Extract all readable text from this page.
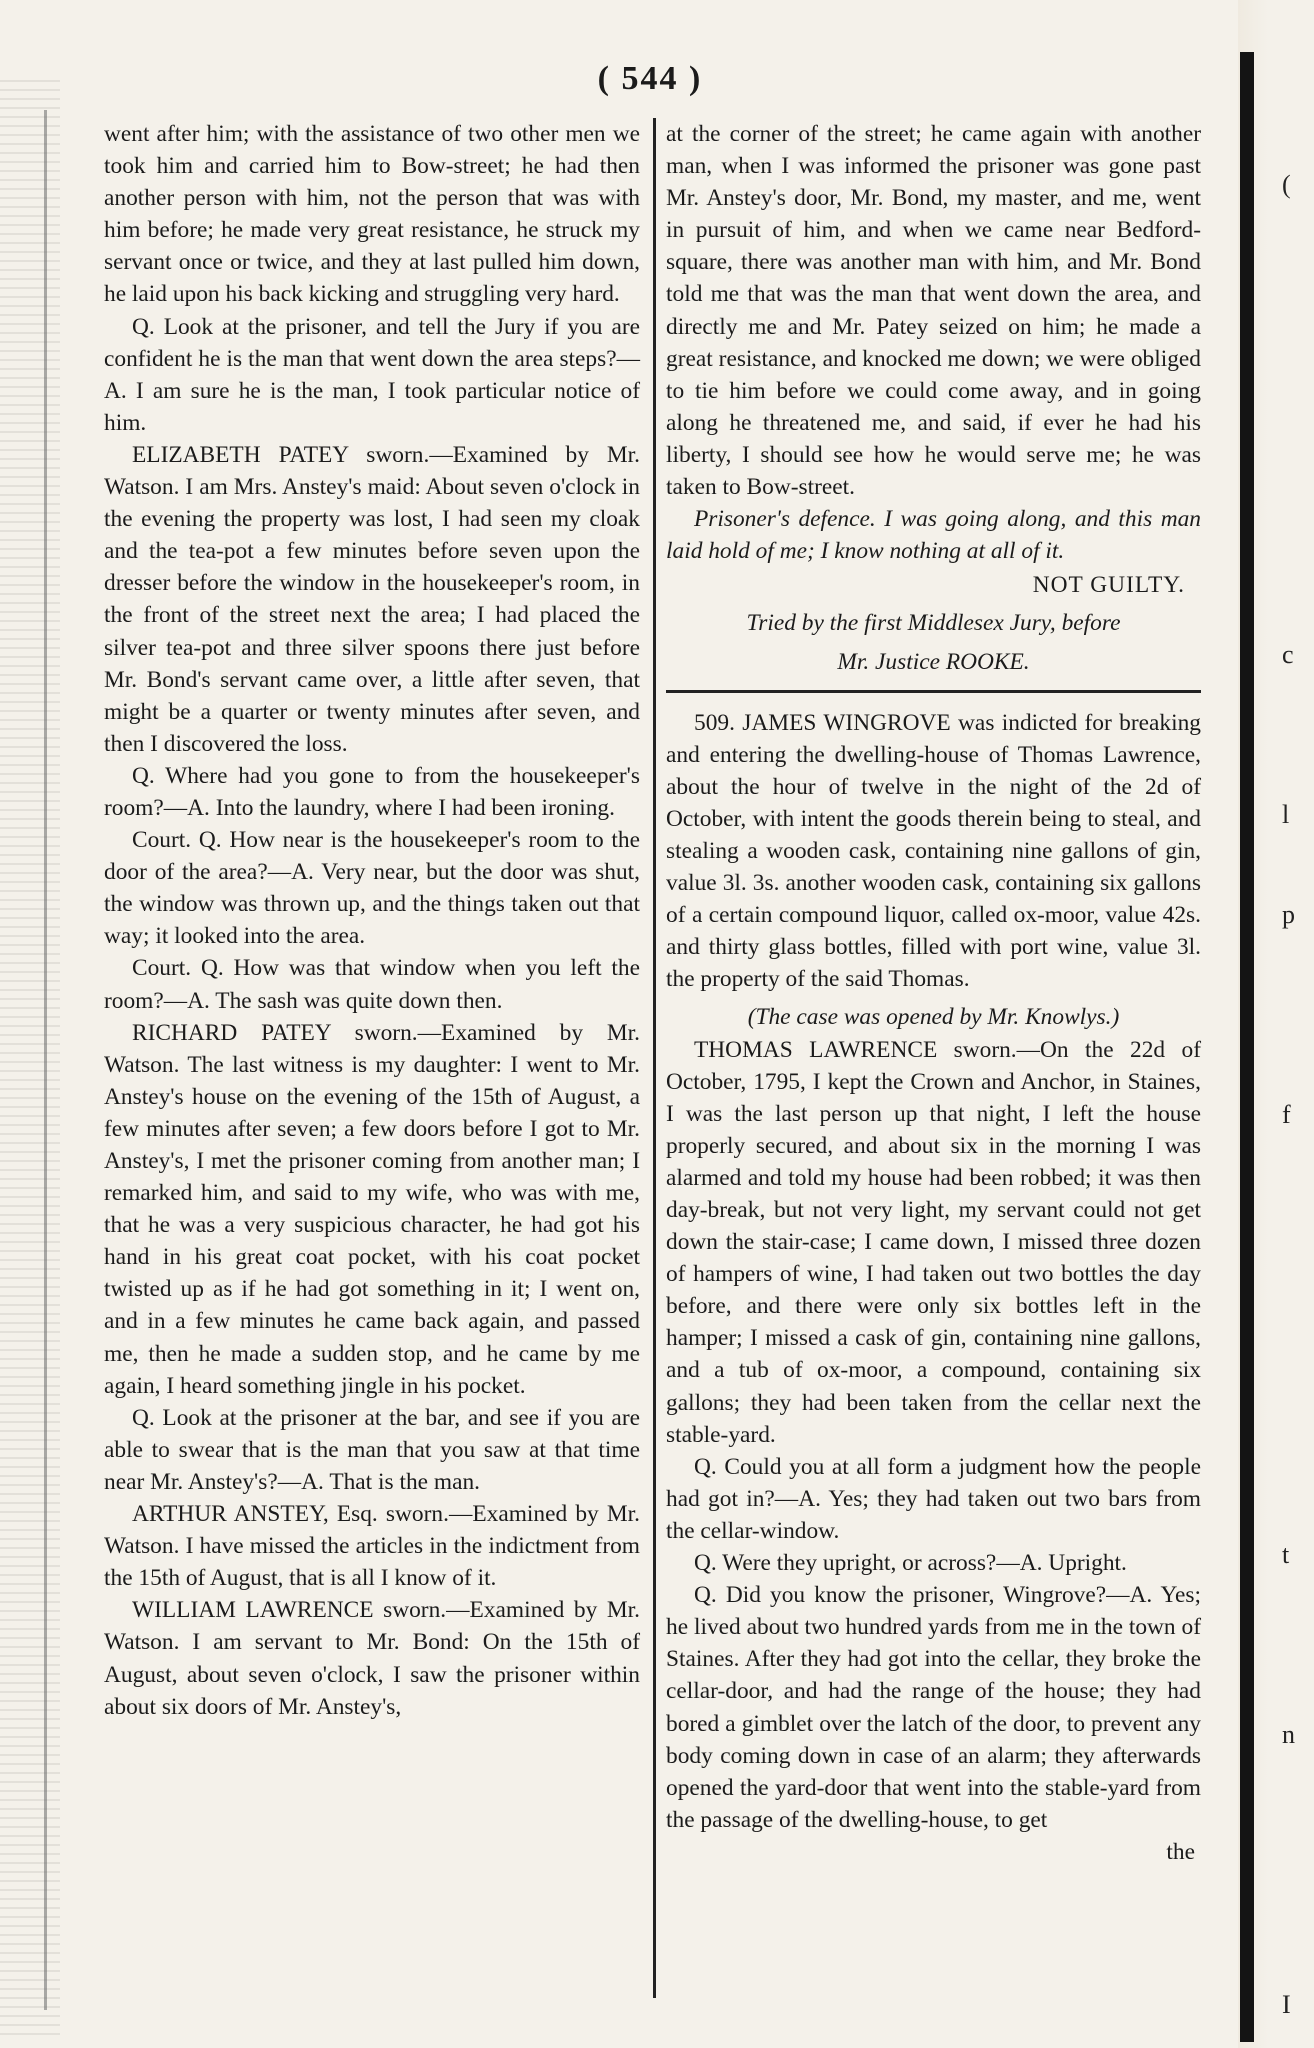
( 544 )

went after him; with the assistance of two other men we took him and carried him to Bow-street; he had then another person with him, not the person that was with him before; he made very great resistance, he struck my servant once or twice, and they at last pulled him down, he laid upon his back kicking and struggling very hard.

Q. Look at the prisoner, and tell the Jury if you are confident he is the man that went down the area steps?—A. I am sure he is the man, I took particular notice of him.

ELIZABETH PATEY sworn.—Examined by Mr. Watson. I am Mrs. Anstey's maid: About seven o'clock in the evening the property was lost, I had seen my cloak and the tea-pot a few minutes before seven upon the dresser before the window in the housekeeper's room, in the front of the street next the area; I had placed the silver tea-pot and three silver spoons there just before Mr. Bond's servant came over, a little after seven, that might be a quarter or twenty minutes after seven, and then I discovered the loss.

Q. Where had you gone to from the housekeeper's room?—A. Into the laundry, where I had been ironing.

Court. Q. How near is the housekeeper's room to the door of the area?—A. Very near, but the door was shut, the window was thrown up, and the things taken out that way; it looked into the area.

Court. Q. How was that window when you left the room?—A. The sash was quite down then.

RICHARD PATEY sworn.—Examined by Mr. Watson. The last witness is my daughter: I went to Mr. Anstey's house on the evening of the 15th of August, a few minutes after seven; a few doors before I got to Mr. Anstey's, I met the prisoner coming from another man; I remarked him, and said to my wife, who was with me, that he was a very suspicious character, he had got his hand in his great coat pocket, with his coat pocket twisted up as if he had got something in it; I went on, and in a few minutes he came back again, and passed me, then he made a sudden stop, and he came by me again, I heard something jingle in his pocket.

Q. Look at the prisoner at the bar, and see if you are able to swear that is the man that you saw at that time near Mr. Anstey's?—A. That is the man.

ARTHUR ANSTEY, Esq. sworn.—Examined by Mr. Watson. I have missed the articles in the indictment from the 15th of August, that is all I know of it.

WILLIAM LAWRENCE sworn.—Examined by Mr. Watson. I am servant to Mr. Bond: On the 15th of August, about seven o'clock, I saw the prisoner within about six doors of Mr. Anstey's,

at the corner of the street; he came again with another man, when I was informed the prisoner was gone past Mr. Anstey's door, Mr. Bond, my master, and me, went in pursuit of him, and when we came near Bedford-square, there was another man with him, and Mr. Bond told me that was the man that went down the area, and directly me and Mr. Patey seized on him; he made a great resistance, and knocked me down; we were obliged to tie him before we could come away, and in going along he threatened me, and said, if ever he had his liberty, I should see how he would serve me; he was taken to Bow-street.

Prisoner's defence. I was going along, and this man laid hold of me; I know nothing at all of it.

NOT GUILTY.

Tried by the first Middlesex Jury, before

Mr. Justice ROOKE.

509. JAMES WINGROVE was indicted for breaking and entering the dwelling-house of Thomas Lawrence, about the hour of twelve in the night of the 2d of October, with intent the goods therein being to steal, and stealing a wooden cask, containing nine gallons of gin, value 3l. 3s. another wooden cask, containing six gallons of a certain compound liquor, called ox-moor, value 42s. and thirty glass bottles, filled with port wine, value 3l. the property of the said Thomas.

(The case was opened by Mr. Knowlys.)

THOMAS LAWRENCE sworn.—On the 22d of October, 1795, I kept the Crown and Anchor, in Staines, I was the last person up that night, I left the house properly secured, and about six in the morning I was alarmed and told my house had been robbed; it was then day-break, but not very light, my servant could not get down the stair-case; I came down, I missed three dozen of hampers of wine, I had taken out two bottles the day before, and there were only six bottles left in the hamper; I missed a cask of gin, containing nine gallons, and a tub of ox-moor, a compound, containing six gallons; they had been taken from the cellar next the stable-yard.

Q. Could you at all form a judgment how the people had got in?—A. Yes; they had taken out two bars from the cellar-window.

Q. Were they upright, or across?—A. Upright.

Q. Did you know the prisoner, Wingrove?—A. Yes; he lived about two hundred yards from me in the town of Staines. After they had got into the cellar, they broke the cellar-door, and had the range of the house; they had bored a gimblet over the latch of the door, to prevent any body coming down in case of an alarm; they afterwards opened the yard-door that went into the stable-yard from the passage of the dwelling-house, to get

the

(
c
l
p
f
t
n
I
